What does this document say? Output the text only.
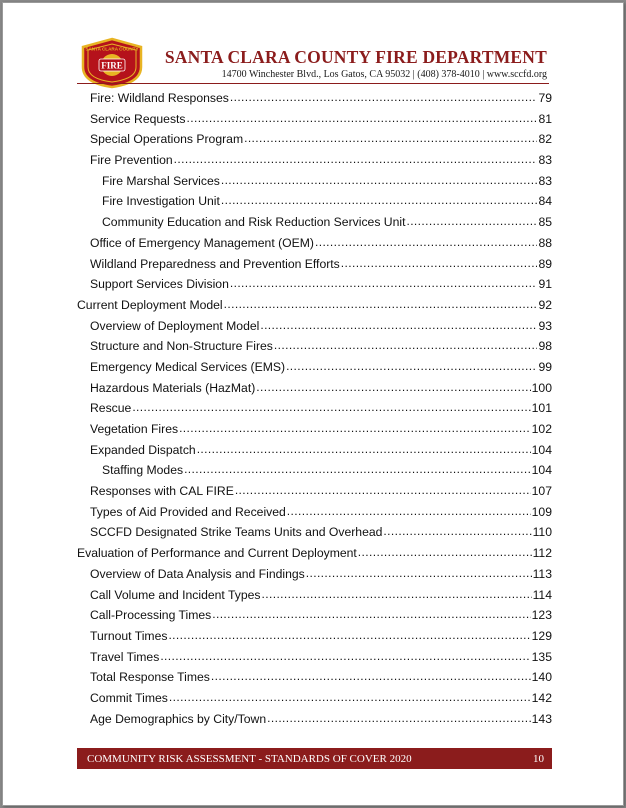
FIRE
SANTA CLARA COUNTY SANTA CLARA COUNTY FIRE DEPARTMENT
14700 Winchester Blvd., Los Gatos, CA 95032 | (408) 378-4010 | www.sccfd.org
Fire: Wildland Responses .....	79
Service Requests .....	81
Special Operations Program .....	82
Fire Prevention .....	83
Fire Marshal Services .....	83
Fire Investigation Unit .....	84
Community Education and Risk Reduction Services Unit .....	85
Office of Emergency Management (OEM) .....	88
Wildland Preparedness and Prevention Efforts .....	89
Support Services Division .....	91
Current Deployment Model .....	92
Overview of Deployment Model .....	93
Structure and Non-Structure Fires .....	98
Emergency Medical Services (EMS) .....	99
Hazardous Materials (HazMat) .....	100
Rescue .....	101
Vegetation Fires .....	102
Expanded Dispatch .....	104
Staffing Modes .....	104
Responses with CAL FIRE .....	107
Types of Aid Provided and Received .....	109
SCCFD Designated Strike Teams Units and Overhead .....	110
Evaluation of Performance and Current Deployment .....	112
Overview of Data Analysis and Findings .....	113
Call Volume and Incident Types .....	114
Call-Processing Times .....	123
Turnout Times .....	129
Travel Times .....	135
Total Response Times .....	140
Commit Times .....	142
Age Demographics by City/Town .....	143
COMMUNITY RISK ASSESSMENT - STANDARDS OF COVER 2020	10
